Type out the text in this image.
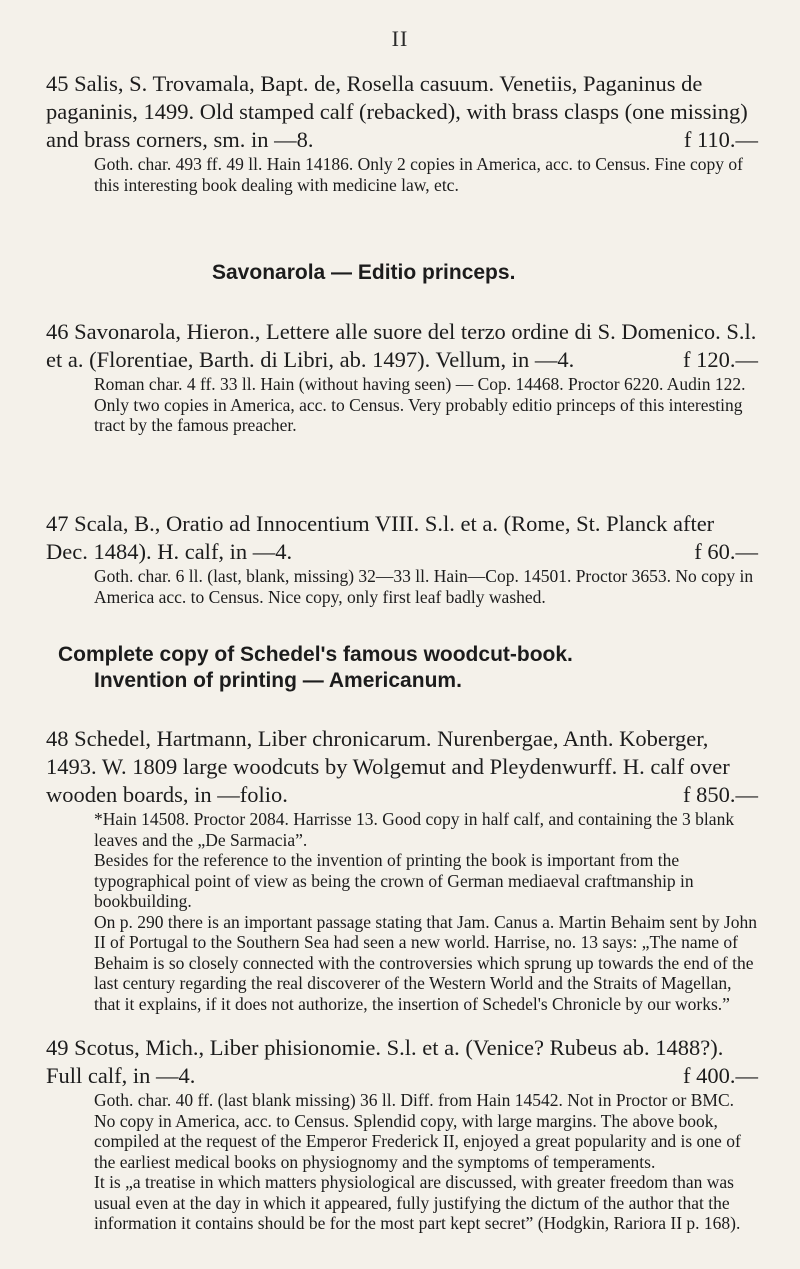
II
45 Salis, S. Trovamala, Bapt. de, Rosella casuum. Venetiis, Paganinus de paganinis, 1499. Old stamped calf (rebacked), with brass clasps (one missing) and brass corners, sm. in —8.	f 110.—
Goth. char. 493 ff. 49 ll. Hain 14186. Only 2 copies in America, acc. to Census. Fine copy of this interesting book dealing with medicine law, etc.
Savonarola — Editio princeps.
46 Savonarola, Hieron., Lettere alle suore del terzo ordine di S. Domenico. S.l. et a. (Florentiae, Barth. di Libri, ab. 1497). Vellum, in —4.	f 120.—
Roman char. 4 ff. 33 ll. Hain (without having seen) — Cop. 14468. Proctor 6220. Audin 122. Only two copies in America, acc. to Census. Very probably editio princeps of this interesting tract by the famous preacher.
47 Scala, B., Oratio ad Innocentium VIII. S.l. et a. (Rome, St. Planck after Dec. 1484). H. calf, in —4.	f 60.—
Goth. char. 6 ll. (last, blank, missing) 32—33 ll. Hain—Cop. 14501. Proctor 3653. No copy in America acc. to Census. Nice copy, only first leaf badly washed.
Complete copy of Schedel's famous woodcut-book.
Invention of printing — Americanum.
48 Schedel, Hartmann, Liber chronicarum. Nurenbergae, Anth. Koberger, 1493. W. 1809 large woodcuts by Wolgemut and Pleydenwurff. H. calf over wooden boards, in —folio.	f 850.—
*Hain 14508. Proctor 2084. Harrisse 13. Good copy in half calf, and containing the 3 blank leaves and the „De Sarmacia”.
Besides for the reference to the invention of printing the book is important from the typographical point of view as being the crown of German mediaeval craftmanship in bookbuilding.
On p. 290 there is an important passage stating that Jam. Canus a. Martin Behaim sent by John II of Portugal to the Southern Sea had seen a new world. Harrise, no. 13 says: „The name of Behaim is so closely connected with the controversies which sprung up towards the end of the last century regarding the real discoverer of the Western World and the Straits of Magellan, that it explains, if it does not authorize, the insertion of Schedel's Chronicle by our works.”
49 Scotus, Mich., Liber phisionomie. S.l. et a. (Venice? Rubeus ab. 1488?). Full calf, in —4.	f 400.—
Goth. char. 40 ff. (last blank missing) 36 ll. Diff. from Hain 14542. Not in Proctor or BMC. No copy in America, acc. to Census. Splendid copy, with large margins. The above book, compiled at the request of the Emperor Frederick II, enjoyed a great popularity and is one of the earliest medical books on physiognomy and the symptoms of temperaments.
It is „a treatise in which matters physiological are discussed, with greater freedom than was usual even at the day in which it appeared, fully justifying the dictum of the author that the information it contains should be for the most part kept secret” (Hodgkin, Rariora II p. 168).
